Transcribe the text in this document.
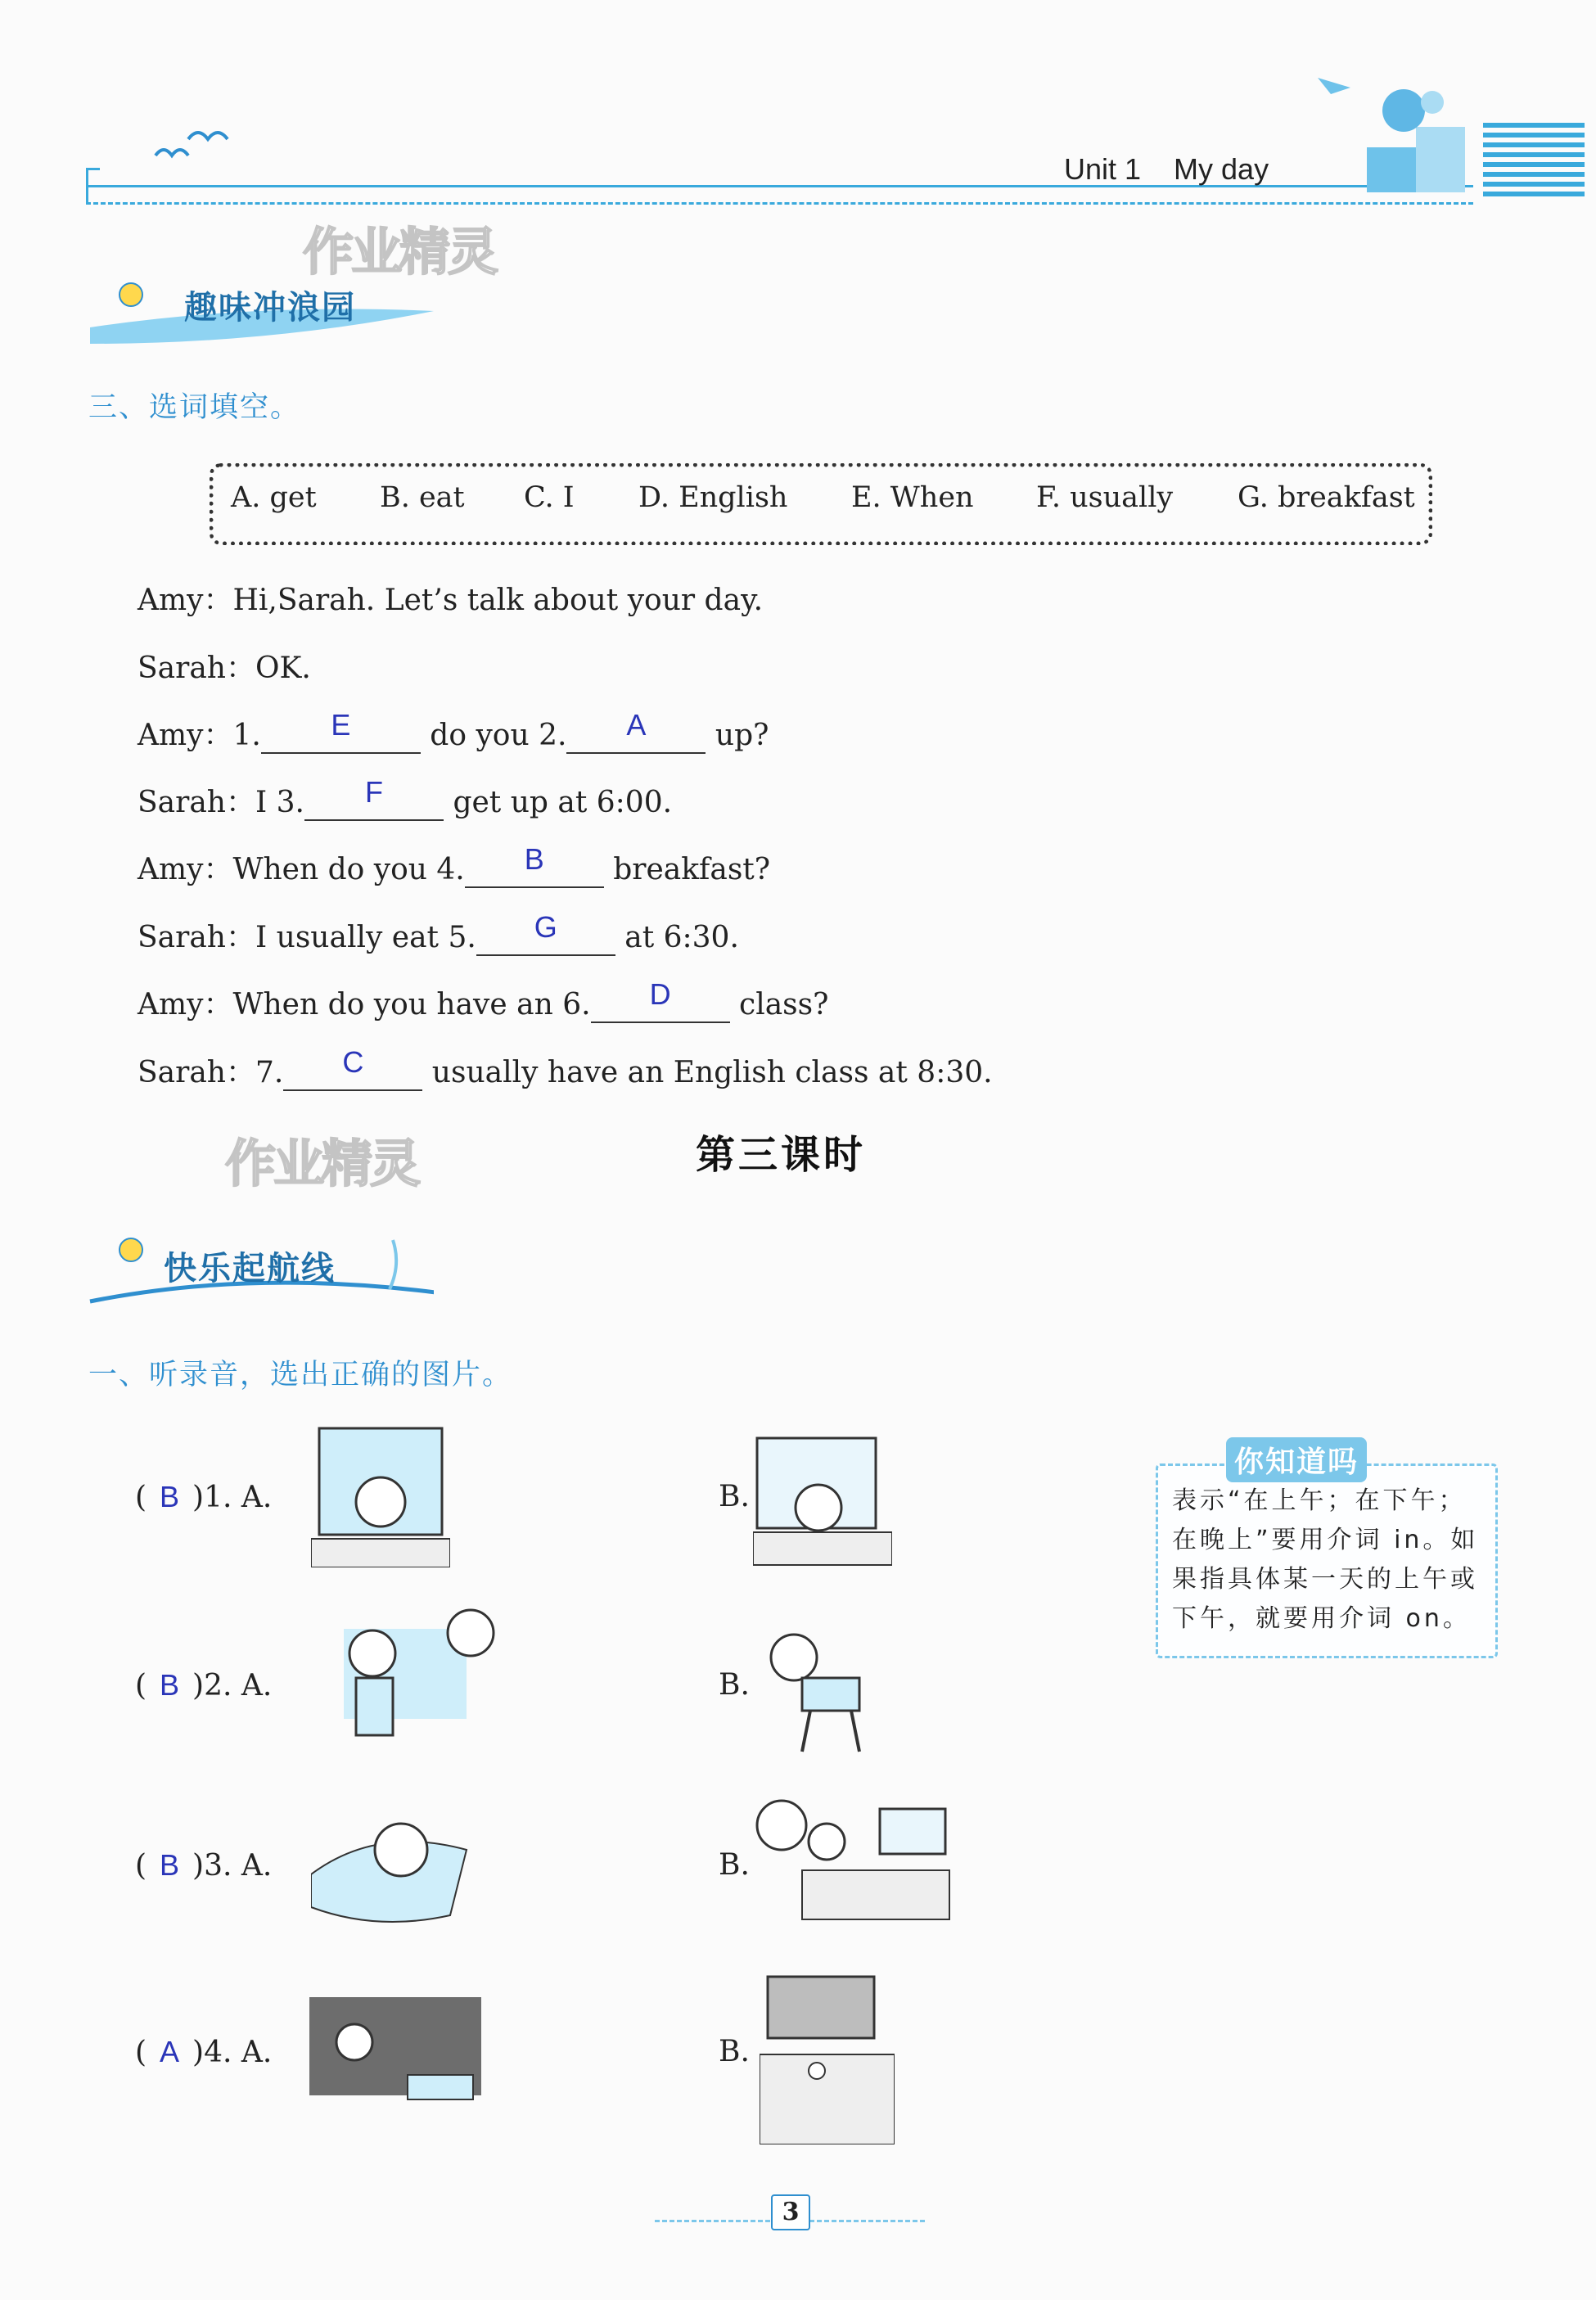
Unit 1 My day
作业精灵
趣味冲浪园
三、选词填空。
A. get B. eat C. I D. English E. When F. usually G. breakfast
Amy：Hi,Sarah. Let’s talk about your day.
Sarah：OK.
Amy：1.	E	do you 2.	A	up?
Sarah：I 3.	F	get up at 6:00.
Amy：When do you 4.	B	breakfast?
Sarah：I usually eat 5.	G	at 6:30.
Amy：When do you have an 6.	D	class?
Sarah：7.	C	usually have an English class at 8:30.
作业精灵	第三课时
快乐起航线
一、听录音，选出正确的图片。
( B )1. A.	B.
( B )2. A.	B.
( B )3. A.	B.
( A )4. A.	B.
你知道吗
表示“在上午；在下午；在晚上”要用介词 in。如果指具体某一天的上午或下午，就要用介词 on。
3
